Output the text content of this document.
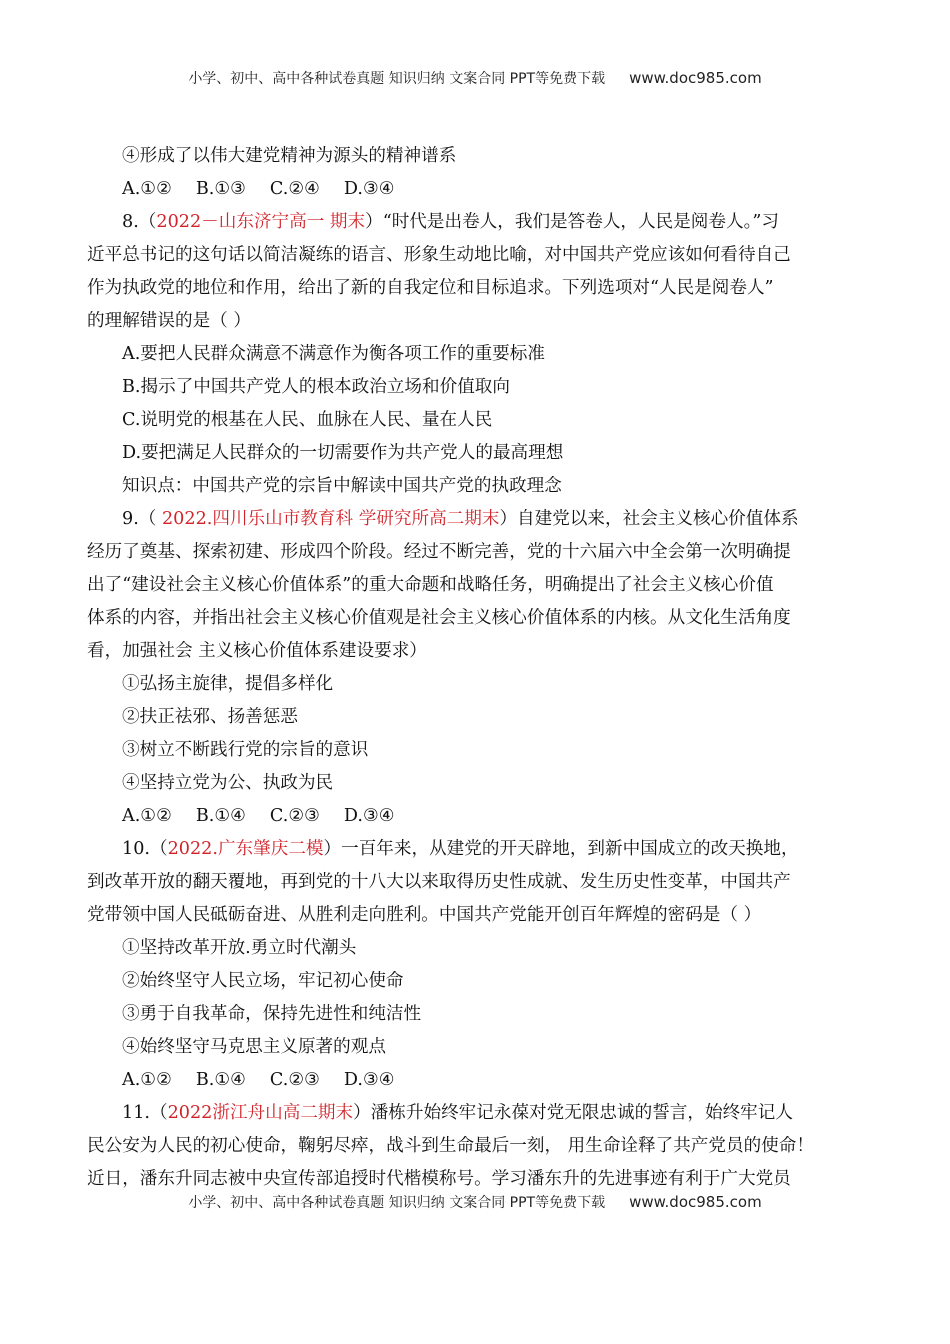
小学、初中、高中各种试卷真题 知识归纳 文案合同 PPT等免费下载 www.doc985.com
④形成了以伟大建党精神为源头的精神谱系
A.①② B.①③ C.②④ D.③④
8.（2022－山东济宁高一 期末）“时代是出卷人，我们是答卷人，人民是阅卷人。”习
近平总书记的这句话以简洁凝练的语言、形象生动地比喻，对中国共产党应该如何看待自己
作为执政党的地位和作用，给出了新的自我定位和目标追求。下列选项对“人民是阅卷人”
的理解错误的是（ ）
A.要把人民群众满意不满意作为衡各项工作的重要标准
B.揭示了中国共产党人的根本政治立场和价值取向
C.说明党的根基在人民、血脉在人民、量在人民
D.要把满足人民群众的一切需要作为共产党人的最高理想
知识点：中国共产党的宗旨中解读中国共产党的执政理念
9.（ 2022.四川乐山市教育科 学研究所高二期末）自建党以来，社会主义核心价值体系
经历了奠基、探索初建、形成四个阶段。经过不断完善，党的十六届六中全会第一次明确提
出了“建设社会主义核心价值体系”的重大命题和战略任务，明确提出了社会主义核心价值
体系的内容，并指出社会主义核心价值观是社会主义核心价值体系的内核。从文化生活角度
看，加强社会 主义核心价值体系建设要求）
①弘扬主旋律，提倡多样化
②扶正祛邪、扬善惩恶
③树立不断践行党的宗旨的意识
④坚持立党为公、执政为民
A.①② B.①④ C.②③ D.③④
10.（2022.广东肇庆二模）一百年来，从建党的开天辟地，到新中国成立的改天换地，
到改革开放的翻天覆地，再到党的十八大以来取得历史性成就、发生历史性变革，中国共产
党带领中国人民砥砺奋进、从胜利走向胜利。中国共产党能开创百年辉煌的密码是（ ）
①坚持改革开放.勇立时代潮头
②始终坚守人民立场，牢记初心使命
③勇于自我革命，保持先进性和纯洁性
④始终坚守马克思主义原著的观点
A.①② B.①④ C.②③ D.③④
11.（2022浙江舟山高二期末）潘栋升始终牢记永葆对党无限忠诚的誓言，始终牢记人
民公安为人民的初心使命，鞠躬尽瘁，战斗到生命最后一刻， 用生命诠释了共产党员的使命！
近日，潘东升同志被中央宣传部追授时代楷模称号。学习潘东升的先进事迹有利于广大党员
小学、初中、高中各种试卷真题 知识归纳 文案合同 PPT等免费下载 www.doc985.com
